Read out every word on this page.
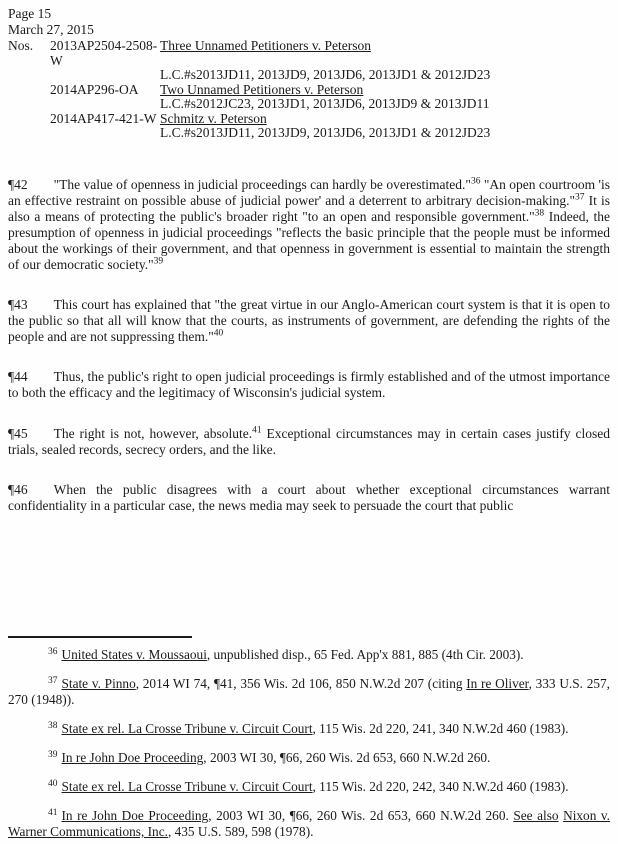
Page 15
March 27, 2015
Nos.	2013AP2504-2508-W
Three Unnamed Petitioners v. Peterson
L.C.#s2013JD11, 2013JD9, 2013JD6, 2013JD1 & 2012JD23
2014AP296-OA	Two Unnamed Petitioners v. Peterson
L.C.#s2012JC23, 2013JD1, 2013JD6, 2013JD9 & 2013JD11
2014AP417-421-W Schmitz v. Peterson
L.C.#s2013JD11, 2013JD9, 2013JD6, 2013JD1 & 2012JD23

¶42 "The value of openness in judicial proceedings can hardly be overestimated."$^{36}$ "An open courtroom 'is an effective restraint on possible abuse of judicial power' and a deterrent to arbitrary decision-making."$^{37}$ It is also a means of protecting the public's broader right "to an open and responsible government."$^{38}$ Indeed, the presumption of openness in judicial proceedings "reflects the basic principle that the people must be informed about the workings of their government, and that openness in government is essential to maintain the strength of our democratic society."$^{39}$

¶43 This court has explained that "the great virtue in our Anglo-American court system is that it is open to the public so that all will know that the courts, as instruments of government, are defending the rights of the people and are not suppressing them."$^{40}$

¶44 Thus, the public's right to open judicial proceedings is firmly established and of the utmost importance to both the efficacy and the legitimacy of Wisconsin's judicial system.

¶45 The right is not, however, absolute.$^{41}$ Exceptional circumstances may in certain cases justify closed trials, sealed records, secrecy orders, and the like.

¶46 When the public disagrees with a court about whether exceptional circumstances warrant confidentiality in a particular case, the news media may seek to persuade the court that public

$^{36}$ United States v. Moussaoui, unpublished disp., 65 Fed. App'x 881, 885 (4th Cir. 2003).
$^{37}$ State v. Pinno, 2014 WI 74, ¶41, 356 Wis. 2d 106, 850 N.W.2d 207 (citing In re Oliver, 333 U.S. 257, 270 (1948)).
$^{38}$ State ex rel. La Crosse Tribune v. Circuit Court, 115 Wis. 2d 220, 241, 340 N.W.2d 460 (1983).
$^{39}$ In re John Doe Proceeding, 2003 WI 30, ¶66, 260 Wis. 2d 653, 660 N.W.2d 260.
$^{40}$ State ex rel. La Crosse Tribune v. Circuit Court, 115 Wis. 2d 220, 242, 340 N.W.2d 460 (1983).
$^{41}$ In re John Doe Proceeding, 2003 WI 30, ¶66, 260 Wis. 2d 653, 660 N.W.2d 260. See also Nixon v. Warner Communications, Inc., 435 U.S. 589, 598 (1978).
